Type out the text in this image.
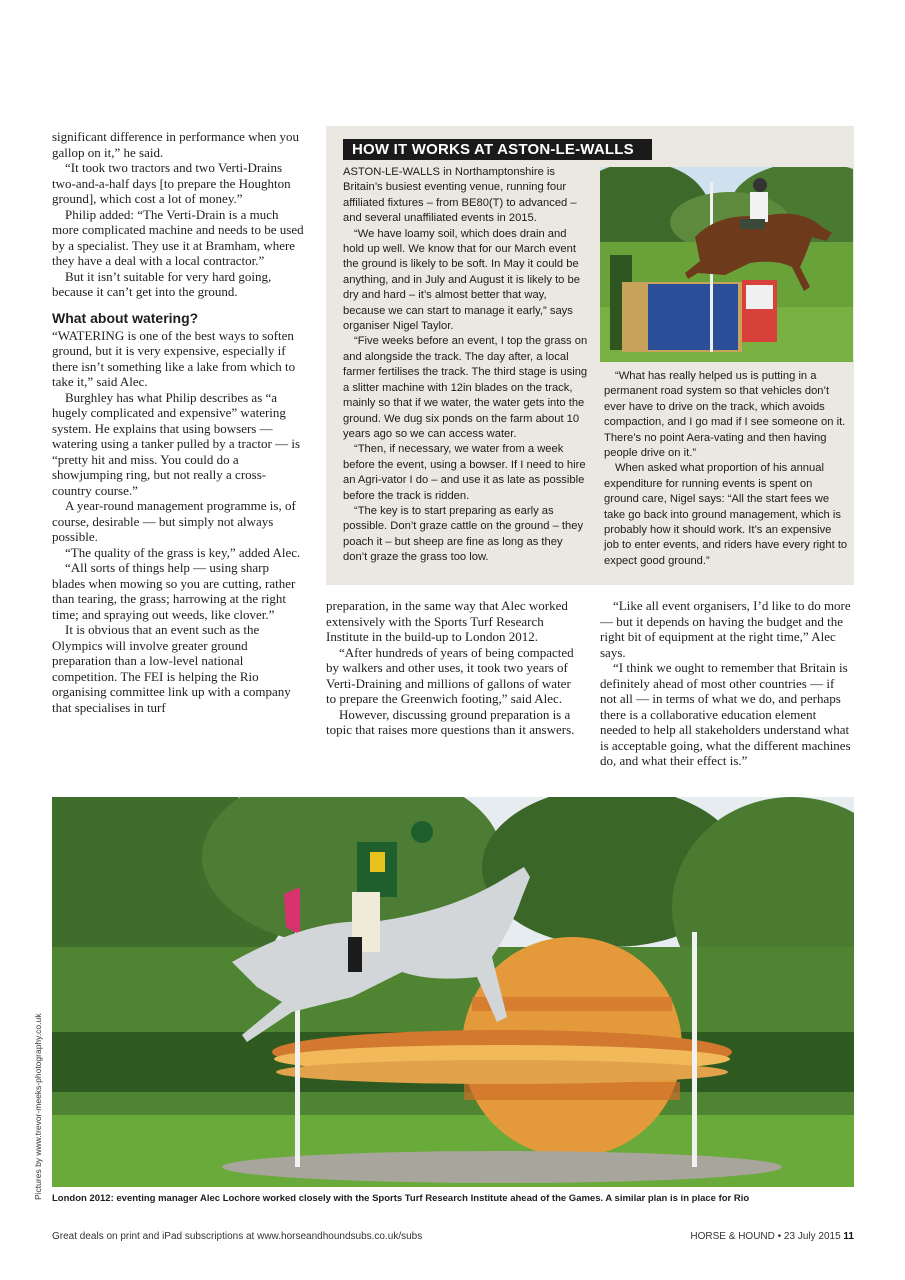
significant difference in performance when you gallop on it,” he said.

“It took two tractors and two Verti-Drains two-and-a-half days [to prepare the Houghton ground], which cost a lot of money.”

Philip added: “The Verti-Drain is a much more complicated machine and needs to be used by a specialist. They use it at Bramham, where they have a deal with a local contractor.”

But it isn’t suitable for very hard going, because it can’t get into the ground.

What about watering?

“WATERING is one of the best ways to soften ground, but it is very expensive, especially if there isn’t something like a lake from which to take it,” said Alec.

Burghley has what Philip describes as “a hugely complicated and expensive” watering system. He explains that using bowsers — watering using a tanker pulled by a tractor — is “pretty hit and miss. You could do a showjumping ring, but not really a cross-country course.”

A year-round management programme is, of course, desirable — but simply not always possible.

“The quality of the grass is key,” added Alec.

“All sorts of things help — using sharp blades when mowing so you are cutting, rather than tearing, the grass; harrowing at the right time; and spraying out weeds, like clover.”

It is obvious that an event such as the Olympics will involve greater ground preparation than a low-level national competition. The FEI is helping the Rio organising committee link up with a company that specialises in turf

HOW IT WORKS AT ASTON-LE-WALLS

ASTON-LE-WALLS in Northamptonshire is Britain’s busiest eventing venue, running four affiliated fixtures – from BE80(T) to advanced – and several unaffiliated events in 2015.

“We have loamy soil, which does drain and hold up well. We know that for our March event the ground is likely to be soft. In May it could be anything, and in July and August it is likely to be dry and hard – it’s almost better that way, because we can start to manage it early,” says organiser Nigel Taylor.

“Five weeks before an event, I top the grass on and alongside the track. The day after, a local farmer fertilises the track. The third stage is using a slitter machine with 12in blades on the track, mainly so that if we water, the water gets into the ground. We dug six ponds on the farm about 10 years ago so we can access water.

“Then, if necessary, we water from a week before the event, using a bowser. If I need to hire an Agri-vator I do – and use it as late as possible before the track is ridden.

“The key is to start preparing as early as possible. Don’t graze cattle on the ground – they poach it – but sheep are fine as long as they don’t graze the grass too low.

“What has really helped us is putting in a permanent road system so that vehicles don’t ever have to drive on the track, which avoids compaction, and I go mad if I see someone on it. There’s no point Aera-vating and then having people drive on it.”

When asked what proportion of his annual expenditure for running events is spent on ground care, Nigel says: “All the start fees we take go back into ground management, which is probably how it should work. It’s an expensive job to enter events, and riders have every right to expect good ground.”

preparation, in the same way that Alec worked extensively with the Sports Turf Research Institute in the build-up to London 2012.

“After hundreds of years of being compacted by walkers and other uses, it took two years of Verti-Draining and millions of gallons of water to prepare the Greenwich footing,” said Alec.

However, discussing ground preparation is a topic that raises more questions than it answers.

“Like all event organisers, I’d like to do more — but it depends on having the budget and the right bit of equipment at the right time,” Alec says.

“I think we ought to remember that Britain is definitely ahead of most other countries — if not all — in terms of what we do, and perhaps there is a collaborative education element needed to help all stakeholders understand what is acceptable going, what the different machines do, and what their effect is.”

London 2012: eventing manager Alec Lochore worked closely with the Sports Turf Research Institute ahead of the Games. A similar plan is in place for Rio
Pictures by www.trevor-meeks-photography.co.uk
Great deals on print and iPad subscriptions at www.horseandhoundsubs.co.uk/subs	HORSE & HOUND • 23 July 2015 11
